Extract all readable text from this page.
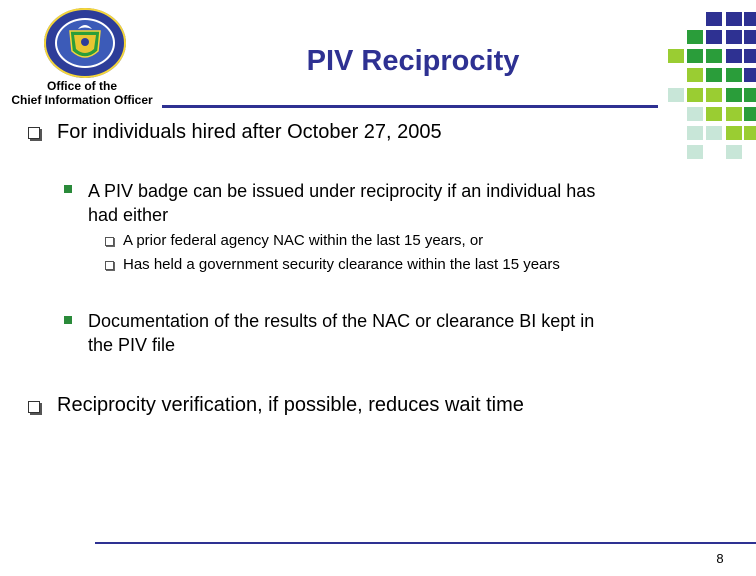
Office of the
Chief Information Officer
PIV Reciprocity
For individuals hired after October 27, 2005
A PIV badge can be issued under reciprocity if an individual has
had either
A prior federal agency NAC within the last 15 years, or
Has held a government security clearance within the last 15 years
Documentation of the results of the NAC or clearance BI kept in
the PIV file
Reciprocity verification, if possible, reduces wait time
8
